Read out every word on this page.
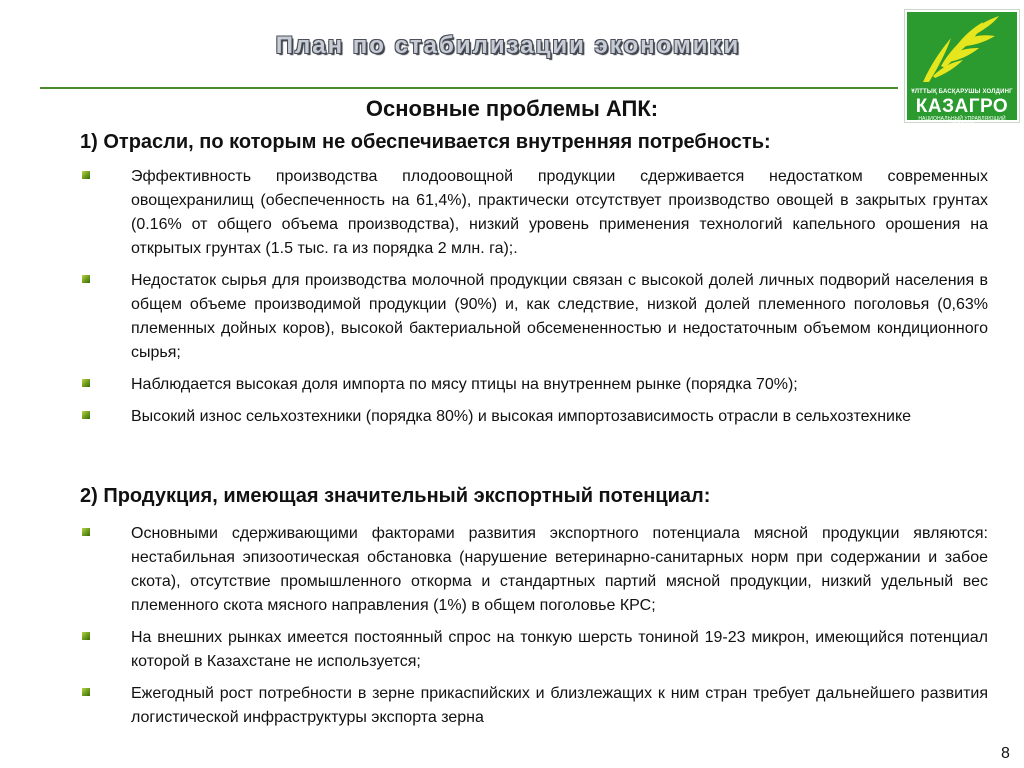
План по стабилизации экономики
ҰЛТТЫҚ БАСҚАРУШЫ ХОЛДИНГ
КАЗАГРО
НАЦИОНАЛЬНЫЙ УПРАВЛЯЮЩИЙ ХОЛДИНГ
Основные проблемы АПК:
1) Отрасли, по которым не обеспечивается внутренняя потребность:
Эффективность производства плодоовощной продукции сдерживается недостатком современных овощехранилищ (обеспеченность на 61,4%), практически отсутствует производство овощей в закрытых грунтах (0.16% от общего объема производства), низкий уровень применения технологий капельного орошения на открытых грунтах (1.5 тыс. га из порядка 2 млн. га);.
Недостаток сырья для производства молочной продукции связан с высокой долей личных подворий населения в общем объеме производимой продукции (90%) и, как следствие, низкой долей племенного поголовья (0,63% племенных дойных коров), высокой бактериальной обсемененностью и недостаточным объемом кондиционного сырья;
Наблюдается высокая доля импорта по мясу птицы на внутреннем рынке (порядка 70%);
Высокий износ сельхозтехники (порядка 80%) и высокая импортозависимость отрасли в сельхозтехнике
2) Продукция, имеющая значительный экспортный потенциал:
Основными сдерживающими факторами развития экспортного потенциала мясной продукции являются: нестабильная эпизоотическая обстановка (нарушение ветеринарно-санитарных норм при содержании и забое скота), отсутствие промышленного откорма и стандартных партий мясной продукции, низкий удельный вес племенного скота мясного направления (1%) в общем поголовье КРС;
На внешних рынках имеется постоянный спрос на тонкую шерсть тониной 19-23 микрон, имеющийся потенциал которой в Казахстане не используется;
Ежегодный рост потребности в зерне прикаспийских и близлежащих к ним стран требует дальнейшего развития логистической инфраструктуры экспорта зерна
8
